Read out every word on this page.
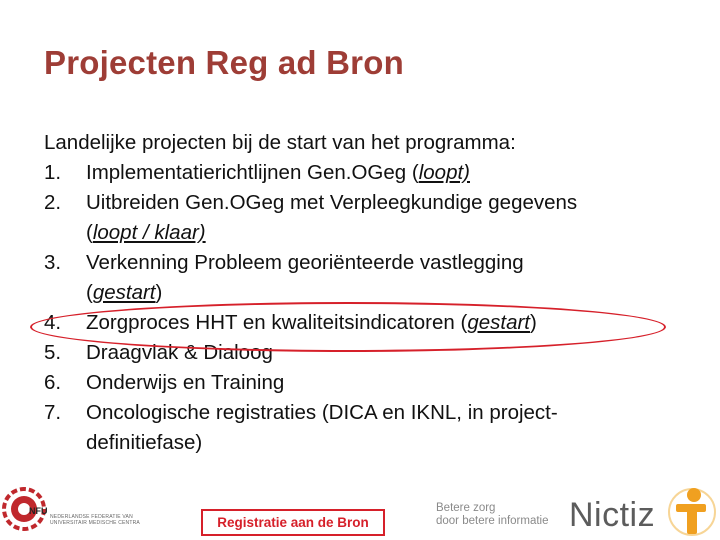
Projecten Reg ad Bron

Landelijke projecten bij de start van het programma:

1.	Implementatierichtlijnen Gen.OGeg (loopt)
2.	Uitbreiden Gen.OGeg met Verpleegkundige gegevens
(loopt / klaar)
3.	Verkenning Probleem georiënteerde vastlegging
(gestart)
4.	Zorgproces HHT en kwaliteitsindicatoren (gestart)
5.	Draagvlak & Dialoog
6.	Onderwijs en Training
7.	Oncologische registraties (DICA en IKNL, in project-
definitiefase)
NFU
NEDERLANDSE FEDERATIE VAN UNIVERSITAIR MEDISCHE CENTRA	Registratie aan de Bron
Betere zorg
door betere informatie Nictiz
